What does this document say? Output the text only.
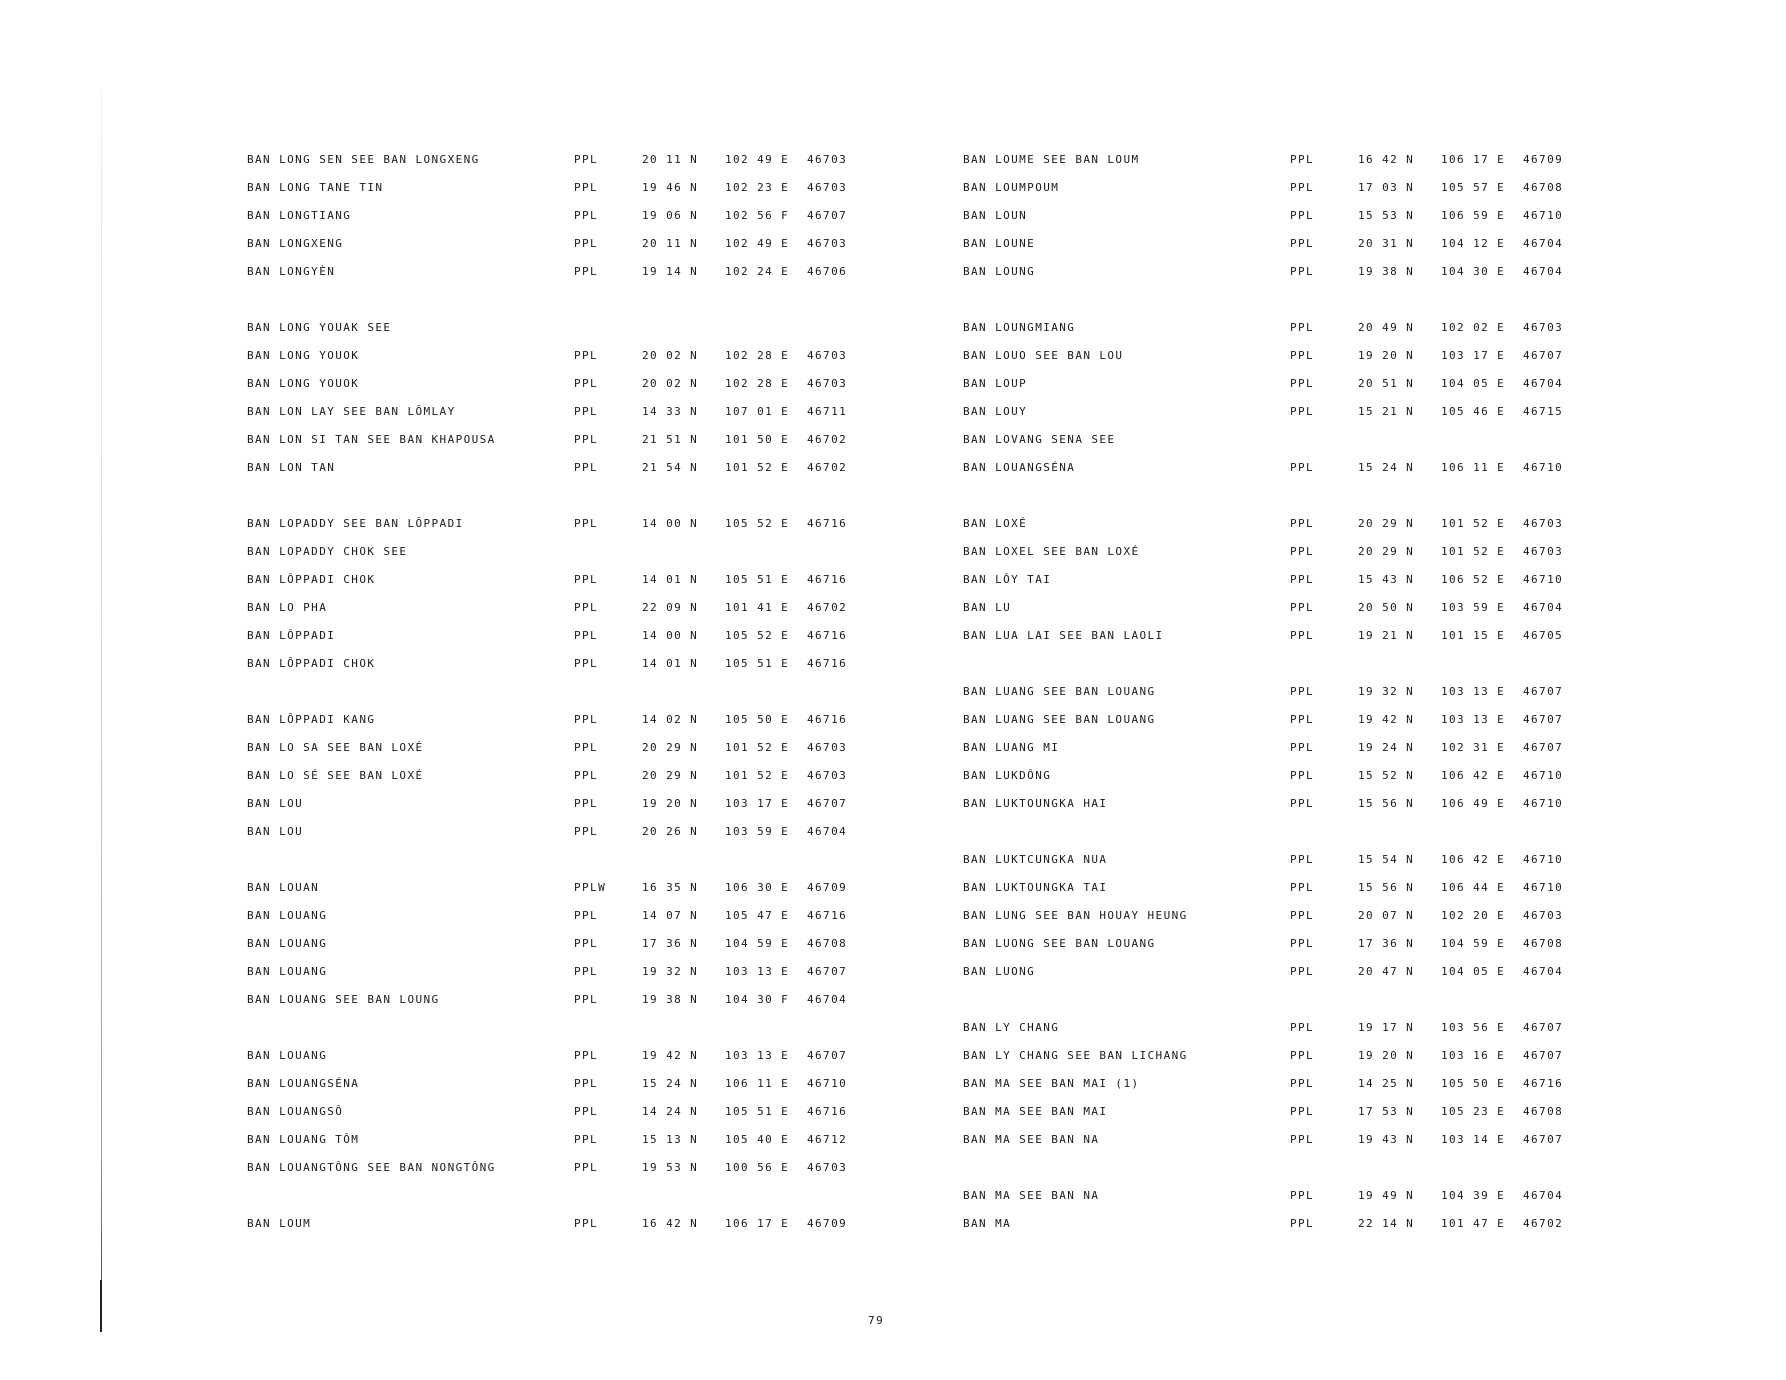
BAN LONG SEN SEE BAN LONGXENG	PPL	20 11 N 102 49 E 46703
BAN LONG TANE TIN	PPL	19 46 N 102 23 E 46703
BAN LONGTIANG	PPL	19 06 N 102 56 F 46707
BAN LONGXENG	PPL	20 11 N 102 49 E 46703
BAN LONGYÈN	PPL	19 14 N 102 24 E 46706
BAN LONG YOUAK SEE
BAN LONG YOUOK	PPL	20 02 N 102 28 E 46703
BAN LONG YOUOK	PPL	20 02 N 102 28 E 46703
BAN LON LAY SEE BAN LÔMLAY	PPL	14 33 N 107 01 E 46711
BAN LON SI TAN SEE BAN KHAPOUSA	PPL	21 51 N 101 50 E 46702
BAN LON TAN	PPL	21 54 N 101 52 E 46702
BAN LOPADDY SEE BAN LÔPPADI	PPL	14 00 N 105 52 E 46716
BAN LOPADDY CHOK SEE
BAN LÔPPADI CHOK	PPL	14 01 N 105 51 E 46716
BAN LO PHA	PPL	22 09 N 101 41 E 46702
BAN LÔPPADI	PPL	14 00 N 105 52 E 46716
BAN LÔPPADI CHOK	PPL	14 01 N 105 51 E 46716
BAN LÔPPADI KANG	PPL	14 02 N 105 50 E 46716
BAN LO SA SEE BAN LOXÉ	PPL	20 29 N 101 52 E 46703
BAN LO SÉ SEE BAN LOXÉ	PPL	20 29 N 101 52 E 46703
BAN LOU	PPL	19 20 N 103 17 E 46707
BAN LOU	PPL	20 26 N 103 59 E 46704
BAN LOUAN	PPLW	16 35 N 106 30 E 46709
BAN LOUANG	PPL	14 07 N 105 47 E 46716
BAN LOUANG	PPL	17 36 N 104 59 E 46708
BAN LOUANG	PPL	19 32 N 103 13 E 46707
BAN LOUANG SEE BAN LOUNG	PPL	19 38 N 104 30 F 46704
BAN LOUANG	PPL	19 42 N 103 13 E 46707
BAN LOUANGSÉNA	PPL	15 24 N 106 11 E 46710
BAN LOUANGSÔ	PPL	14 24 N 105 51 E 46716
BAN LOUANG TÔM	PPL	15 13 N 105 40 E 46712
BAN LOUANGTÔNG SEE BAN NONGTÔNG	PPL	19 53 N 100 56 E 46703
BAN LOUM	PPL	16 42 N 106 17 E 46709
BAN LOUME SEE BAN LOUM	PPL	16 42 N 106 17 E 46709
BAN LOUMPOUM	PPL	17 03 N 105 57 E 46708
BAN LOUN	PPL	15 53 N 106 59 E 46710
BAN LOUNE	PPL	20 31 N 104 12 E 46704
BAN LOUNG	PPL	19 38 N 104 30 E 46704
BAN LOUNGMIANG	PPL	20 49 N 102 02 E 46703
BAN LOUO SEE BAN LOU	PPL	19 20 N 103 17 E 46707
BAN LOUP	PPL	20 51 N 104 05 E 46704
BAN LOUY	PPL	15 21 N 105 46 E 46715
BAN LOVANG SENA SEE
BAN LOUANGSÉNA	PPL	15 24 N 106 11 E 46710
BAN LOXÉ	PPL	20 29 N 101 52 E 46703
BAN LOXEL SEE BAN LOXÉ	PPL	20 29 N 101 52 E 46703
BAN LÔY TAI	PPL	15 43 N 106 52 E 46710
BAN LU	PPL	20 50 N 103 59 E 46704
BAN LUA LAI SEE BAN LAOLI	PPL	19 21 N 101 15 E 46705
BAN LUANG SEE BAN LOUANG	PPL	19 32 N 103 13 E 46707
BAN LUANG SEE BAN LOUANG	PPL	19 42 N 103 13 E 46707
BAN LUANG MI	PPL	19 24 N 102 31 E 46707
BAN LUKDÔNG	PPL	15 52 N 106 42 E 46710
BAN LUKTOUNGKA HAI	PPL	15 56 N 106 49 E 46710
BAN LUKTCUNGKA NUA	PPL	15 54 N 106 42 E 46710
BAN LUKTOUNGKA TAI	PPL	15 56 N 106 44 E 46710
BAN LUNG SEE BAN HOUAY HEUNG	PPL	20 07 N 102 20 E 46703
BAN LUONG SEE BAN LOUANG	PPL	17 36 N 104 59 E 46708
BAN LUONG	PPL	20 47 N 104 05 E 46704
BAN LY CHANG	PPL	19 17 N 103 56 E 46707
BAN LY CHANG SEE BAN LICHANG	PPL	19 20 N 103 16 E 46707
BAN MA SEE BAN MAI (1)	PPL	14 25 N 105 50 E 46716
BAN MA SEE BAN MAI	PPL	17 53 N 105 23 E 46708
BAN MA SEE BAN NA	PPL	19 43 N 103 14 E 46707
BAN MA SEE BAN NA	PPL	19 49 N 104 39 E 46704
BAN MA	PPL	22 14 N 101 47 E 46702
79
